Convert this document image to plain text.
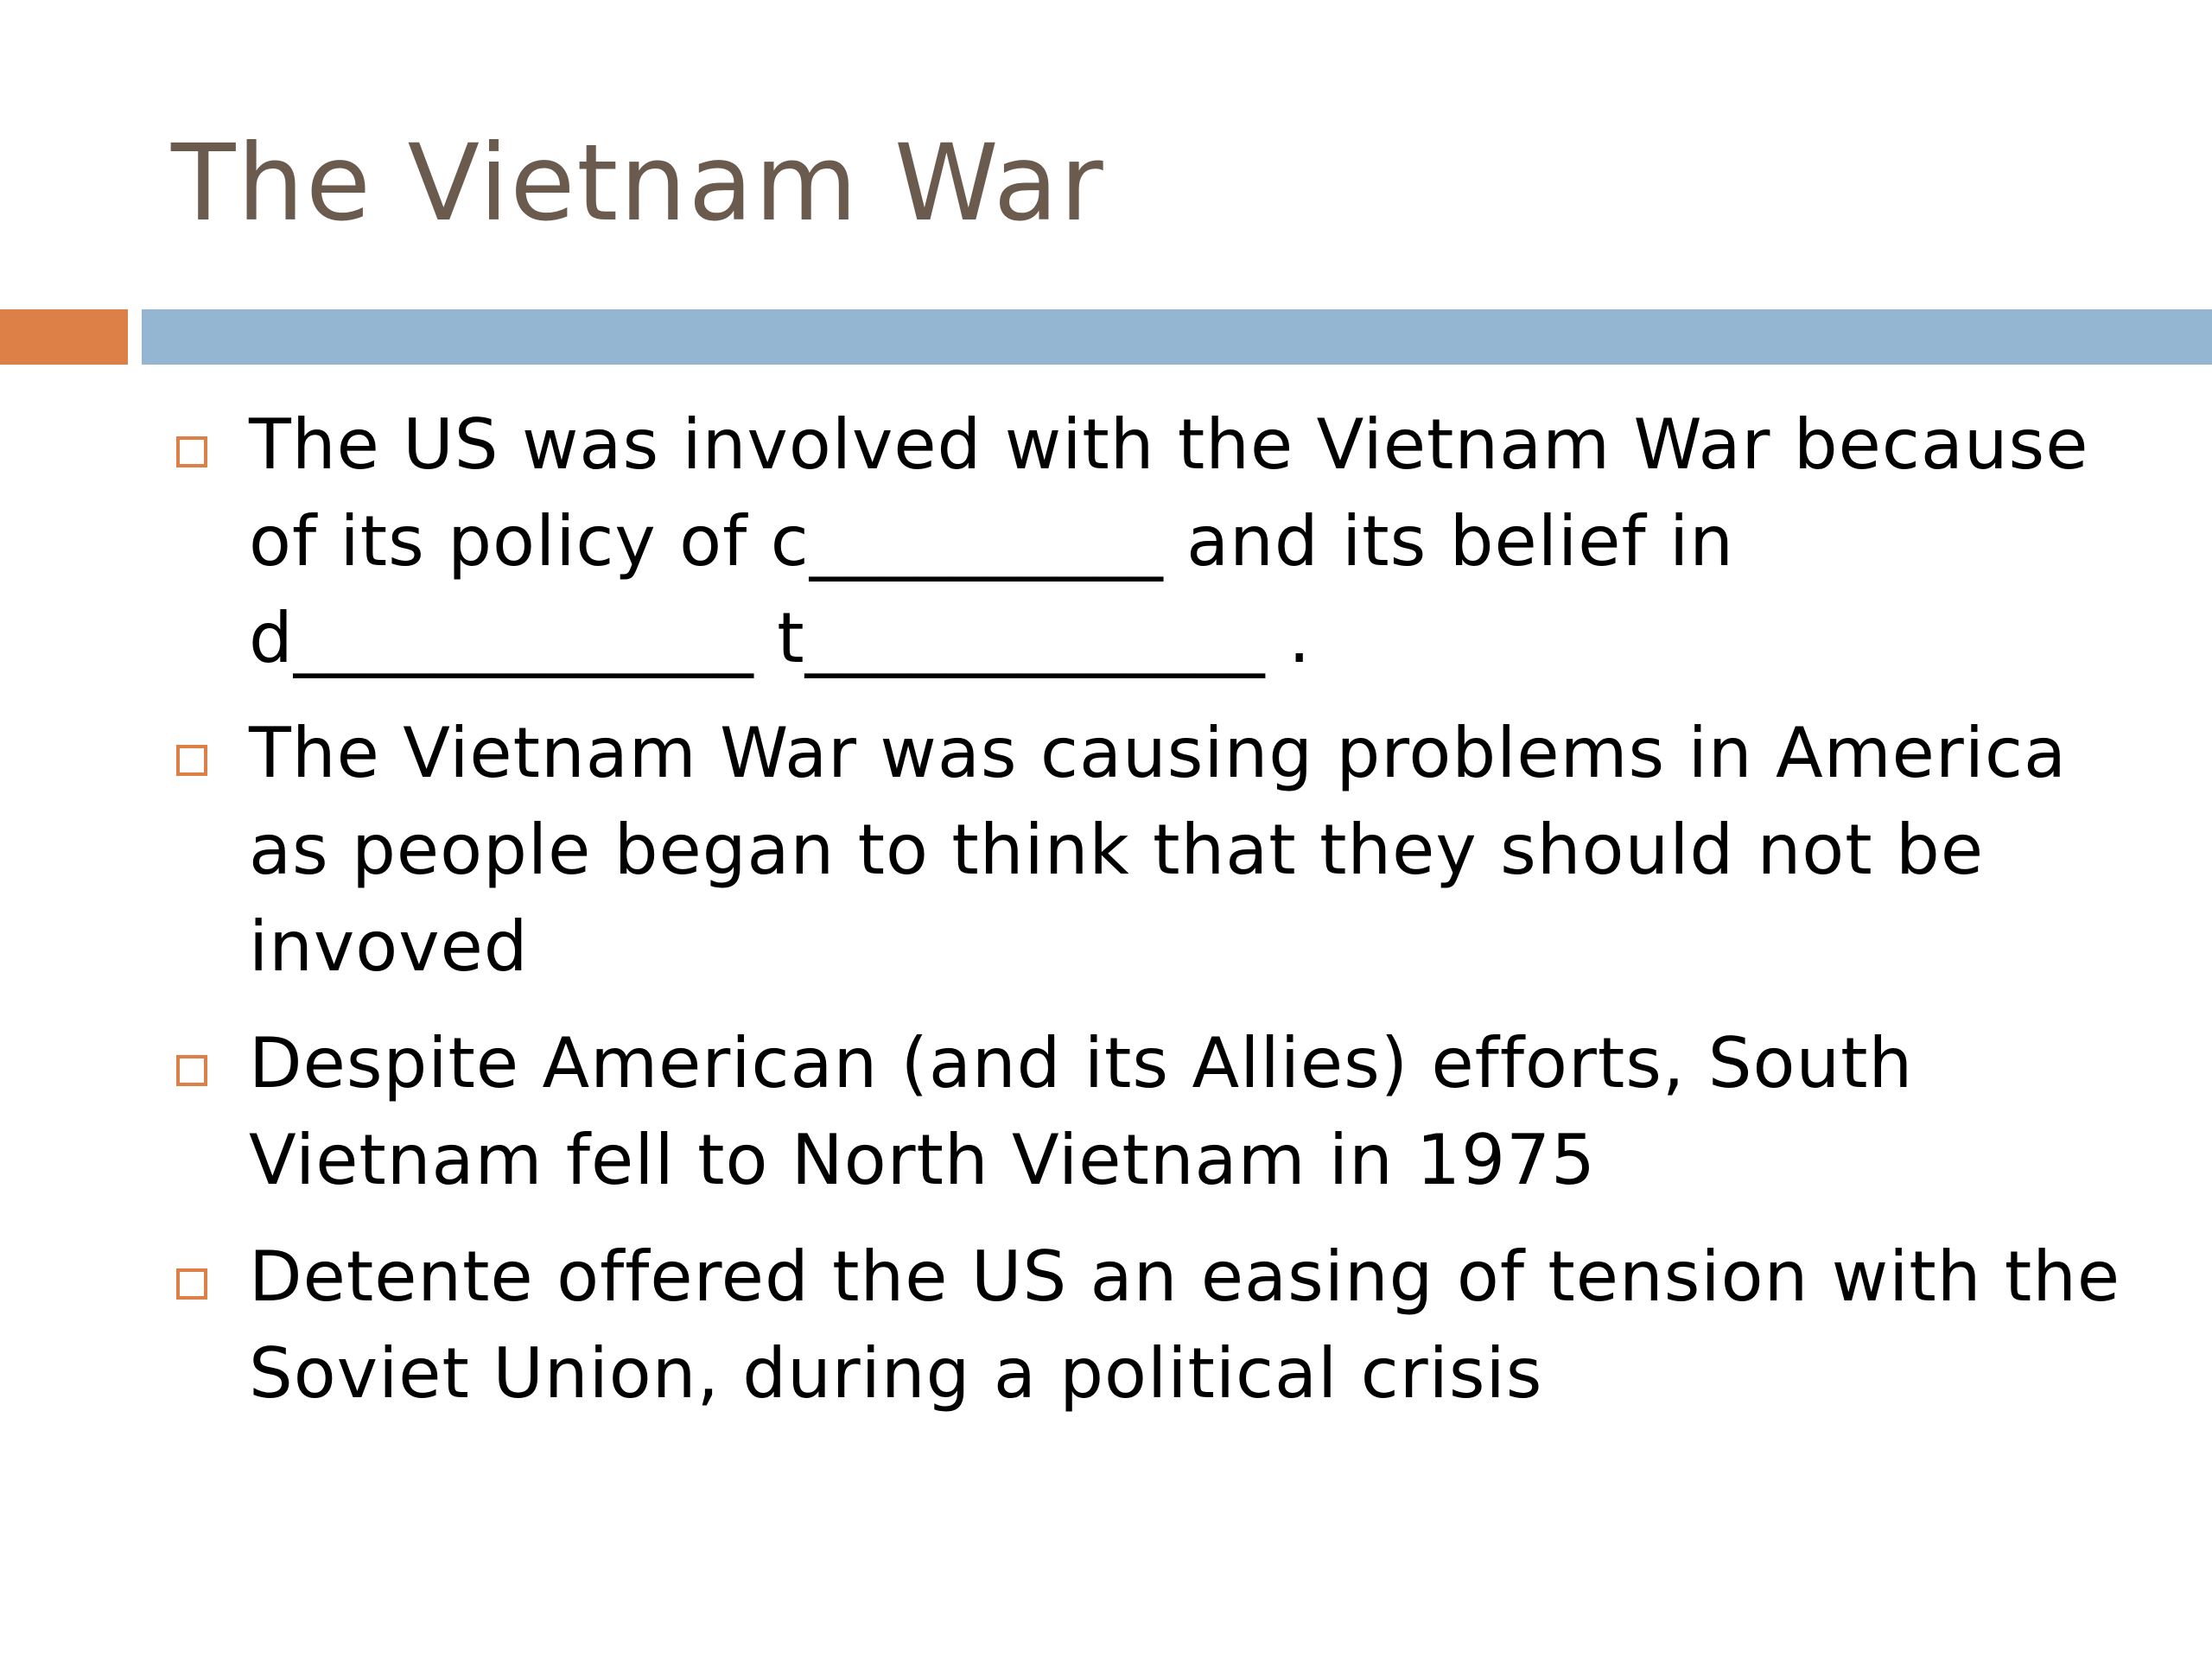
The Vietnam War

The US was involved with the Vietnam War because of its policy of c__________ and its belief in d_____________ t_____________ .

The Vietnam War was causing problems in America as people began to think that they should not be invoved

Despite American (and its Allies) efforts, South Vietnam fell to North Vietnam in 1975

Detente offered the US an easing of tension with the Soviet Union, during a political crisis
